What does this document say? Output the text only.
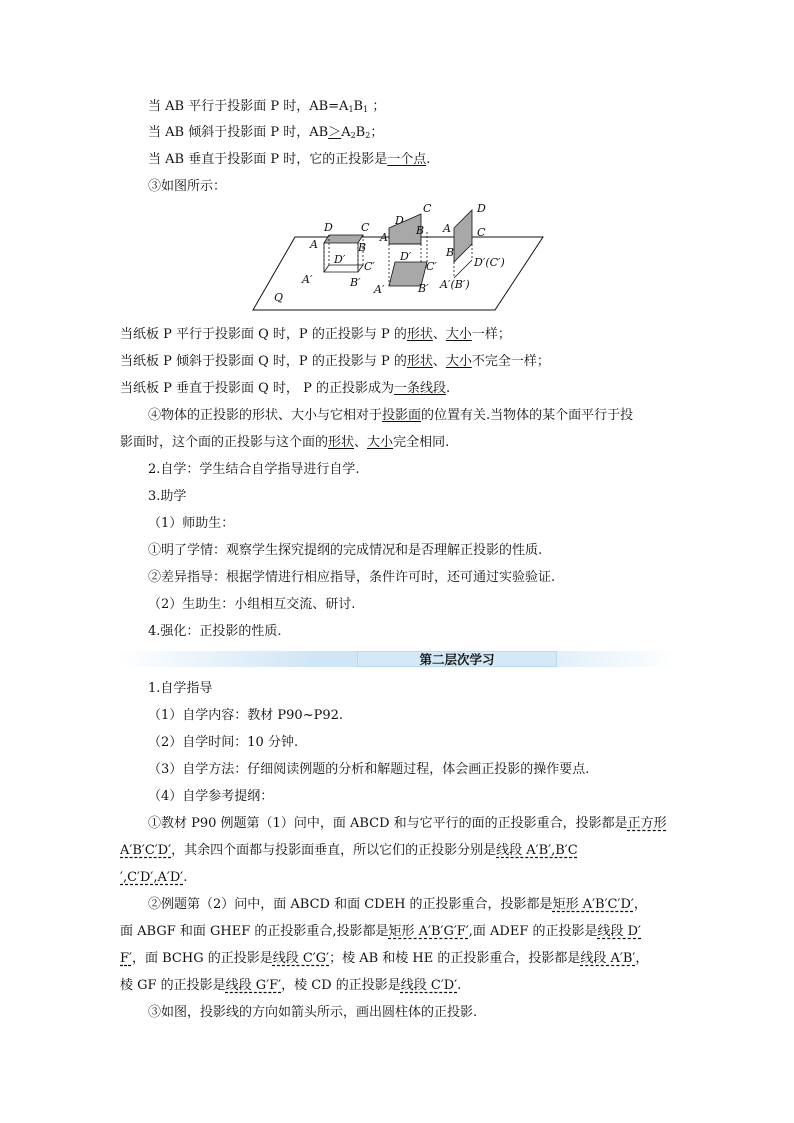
当 AB 平行于投影面 P 时，$AB=A_1B_1$ ；
当 AB 倾斜于投影面 P 时，$AB>A_2B_2$；
当 AB 垂直于投影面 P 时，它的正投影是一个点.
③如图所示：
Q
D	C
A	B
D′
C′
A′	B′
D
C
A
B
D′
C′
A′	B′
D
A C
B
D′(C′)
A′(B′)
当纸板 P 平行于投影面 Q 时，P 的正投影与 P 的形状、大小一样；
当纸板 P 倾斜于投影面 Q 时，P 的正投影与 P 的形状、大小不完全一样；
当纸板 P 垂直于投影面 Q 时， P 的正投影成为一条线段.
④物体的正投影的形状、大小与它相对于投影面的位置有关.当物体的某个面平行于投
影面时，这个面的正投影与这个面的形状、大小完全相同.
2.自学：学生结合自学指导进行自学.
3.助学
（1）师助生：
①明了学情：观察学生探究提纲的完成情况和是否理解正投影的性质.
②差异指导：根据学情进行相应指导，条件许可时，还可通过实验验证.
（2）生助生：小组相互交流、研讨.
4.强化：正投影的性质.
第二层次学习
1.自学指导
（1）自学内容：教材 P90~P92.
（2）自学时间：10 分钟.
（3）自学方法：仔细阅读例题的分析和解题过程，体会画正投影的操作要点.
（4）自学参考提纲：
①教材 P90 例题第（1）问中，面 ABCD 和与它平行的面的正投影重合，投影都是正方形
A′B′C′D′，其余四个面都与投影面垂直，所以它们的正投影分别是线段 A′B′,B′C
′,C′D′,A′D′.
②例题第（2）问中，面 ABCD 和面 CDEH 的正投影重合，投影都是矩形 A′B′C′D′，
面 ABGF 和面 GHEF 的正投影重合,投影都是矩形 A′B′G′F′,面 ADEF 的正投影是线段 D′
F′，面 BCHG 的正投影是线段 C′G′；棱 AB 和棱 HE 的正投影重合，投影都是线段 A′B′，
棱 GF 的正投影是线段 G′F′，棱 CD 的正投影是线段 C′D′.
③如图，投影线的方向如箭头所示，画出圆柱体的正投影.
